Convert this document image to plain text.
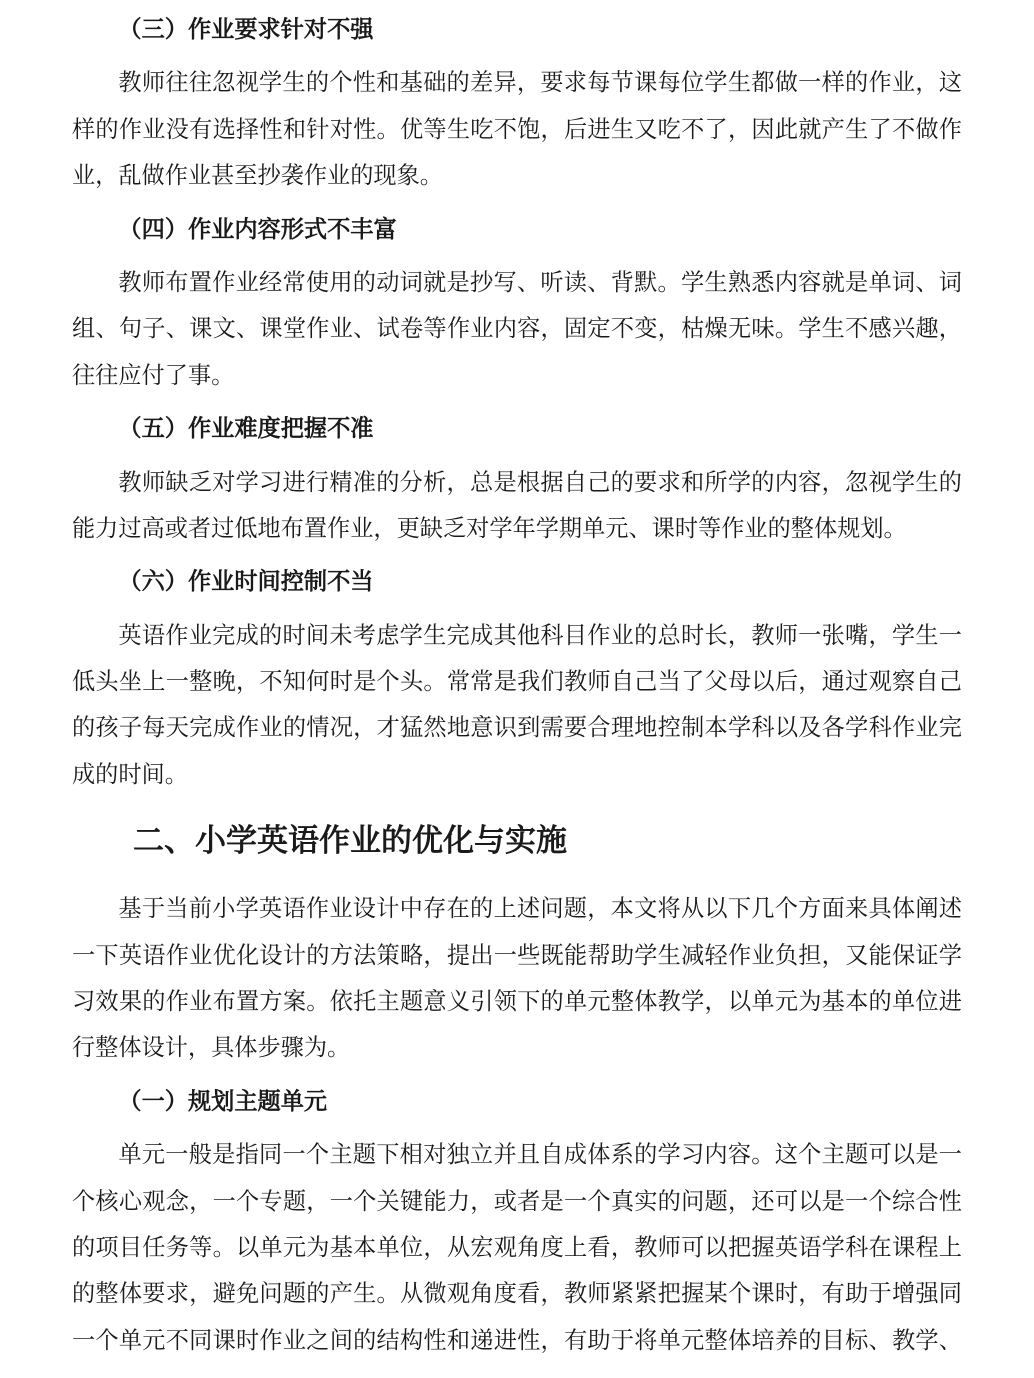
（三）作业要求针对不强
教师往往忽视学生的个性和基础的差异，要求每节课每位学生都做一样的作业，这
样的作业没有选择性和针对性。优等生吃不饱，后进生又吃不了，因此就产生了不做作
业，乱做作业甚至抄袭作业的现象。
（四）作业内容形式不丰富
教师布置作业经常使用的动词就是抄写、听读、背默。学生熟悉内容就是单词、词
组、句子、课文、课堂作业、试卷等作业内容，固定不变，枯燥无味。学生不感兴趣，
往往应付了事。
（五）作业难度把握不准
教师缺乏对学习进行精准的分析，总是根据自己的要求和所学的内容，忽视学生的
能力过高或者过低地布置作业，更缺乏对学年学期单元、课时等作业的整体规划。
（六）作业时间控制不当
英语作业完成的时间未考虑学生完成其他科目作业的总时长，教师一张嘴，学生一
低头坐上一整晚，不知何时是个头。常常是我们教师自己当了父母以后，通过观察自己
的孩子每天完成作业的情况，才猛然地意识到需要合理地控制本学科以及各学科作业完
成的时间。
二、小学英语作业的优化与实施
基于当前小学英语作业设计中存在的上述问题，本文将从以下几个方面来具体阐述
一下英语作业优化设计的方法策略，提出一些既能帮助学生减轻作业负担，又能保证学
习效果的作业布置方案。依托主题意义引领下的单元整体教学，以单元为基本的单位进
行整体设计，具体步骤为。
（一）规划主题单元
单元一般是指同一个主题下相对独立并且自成体系的学习内容。这个主题可以是一
个核心观念，一个专题，一个关键能力，或者是一个真实的问题，还可以是一个综合性
的项目任务等。以单元为基本单位，从宏观角度上看，教师可以把握英语学科在课程上
的整体要求，避免问题的产生。从微观角度看，教师紧紧把握某个课时，有助于增强同
一个单元不同课时作业之间的结构性和递进性，有助于将单元整体培养的目标、教学、
